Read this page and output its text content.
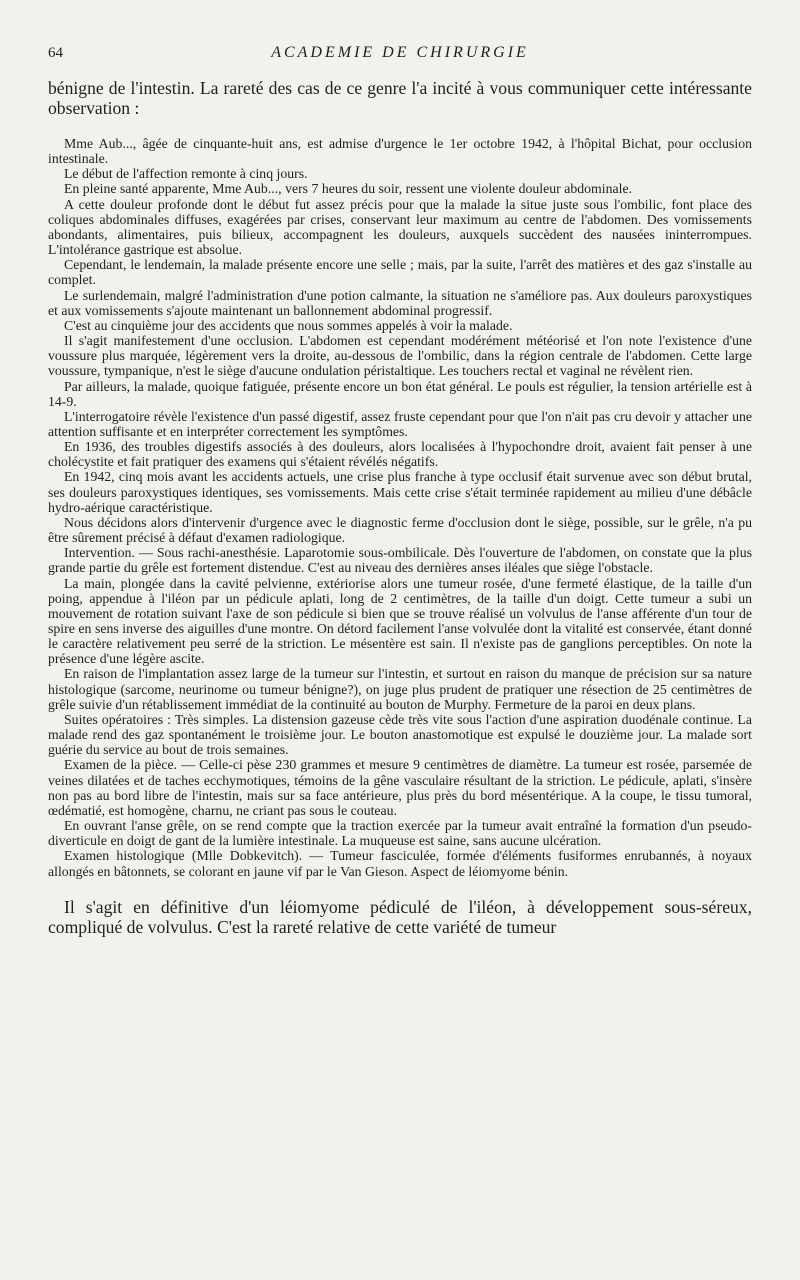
64	ACADEMIE DE CHIRURGIE

bénigne de l'intestin. La rareté des cas de ce genre l'a incité à vous communiquer cette intéressante observation :

Mme Aub..., âgée de cinquante-huit ans, est admise d'urgence le 1er octobre 1942, à l'hôpital Bichat, pour occlusion intestinale.

Le début de l'affection remonte à cinq jours.

En pleine santé apparente, Mme Aub..., vers 7 heures du soir, ressent une violente douleur abdominale.

A cette douleur profonde dont le début fut assez précis pour que la malade la situe juste sous l'ombilic, font place des coliques abdominales diffuses, exagérées par crises, conservant leur maximum au centre de l'abdomen. Des vomissements abondants, alimentaires, puis bilieux, accompagnent les douleurs, auxquels succèdent des nausées ininterrompues. L'intolérance gastrique est absolue.

Cependant, le lendemain, la malade présente encore une selle ; mais, par la suite, l'arrêt des matières et des gaz s'installe au complet.

Le surlendemain, malgré l'administration d'une potion calmante, la situation ne s'améliore pas. Aux douleurs paroxystiques et aux vomissements s'ajoute maintenant un ballonnement abdominal progressif.

C'est au cinquième jour des accidents que nous sommes appelés à voir la malade.

Il s'agit manifestement d'une occlusion. L'abdomen est cependant modérément météorisé et l'on note l'existence d'une voussure plus marquée, légèrement vers la droite, au-dessous de l'ombilic, dans la région centrale de l'abdomen. Cette large voussure, tympanique, n'est le siège d'aucune ondulation péristaltique. Les touchers rectal et vaginal ne révèlent rien.

Par ailleurs, la malade, quoique fatiguée, présente encore un bon état général. Le pouls est régulier, la tension artérielle est à 14-9.

L'interrogatoire révèle l'existence d'un passé digestif, assez fruste cependant pour que l'on n'ait pas cru devoir y attacher une attention suffisante et en interpréter correctement les symptômes.

En 1936, des troubles digestifs associés à des douleurs, alors localisées à l'hypochondre droit, avaient fait penser à une cholécystite et fait pratiquer des examens qui s'étaient révélés négatifs.

En 1942, cinq mois avant les accidents actuels, une crise plus franche à type occlusif était survenue avec son début brutal, ses douleurs paroxystiques identiques, ses vomissements. Mais cette crise s'était terminée rapidement au milieu d'une débâcle hydro-aérique caractéristique.

Nous décidons alors d'intervenir d'urgence avec le diagnostic ferme d'occlusion dont le siège, possible, sur le grêle, n'a pu être sûrement précisé à défaut d'examen radiologique.

Intervention. — Sous rachi-anesthésie. Laparotomie sous-ombilicale. Dès l'ouverture de l'abdomen, on constate que la plus grande partie du grêle est fortement distendue. C'est au niveau des dernières anses iléales que siège l'obstacle.

La main, plongée dans la cavité pelvienne, extériorise alors une tumeur rosée, d'une fermeté élastique, de la taille d'un poing, appendue à l'iléon par un pédicule aplati, long de 2 centimètres, de la taille d'un doigt. Cette tumeur a subi un mouvement de rotation suivant l'axe de son pédicule si bien que se trouve réalisé un volvulus de l'anse afférente d'un tour de spire en sens inverse des aiguilles d'une montre. On détord facilement l'anse volvulée dont la vitalité est conservée, étant donné le caractère relativement peu serré de la striction. Le mésentère est sain. Il n'existe pas de ganglions perceptibles. On note la présence d'une légère ascite.

En raison de l'implantation assez large de la tumeur sur l'intestin, et surtout en raison du manque de précision sur sa nature histologique (sarcome, neurinome ou tumeur bénigne?), on juge plus prudent de pratiquer une résection de 25 centimètres de grêle suivie d'un rétablissement immédiat de la continuité au bouton de Murphy. Fermeture de la paroi en deux plans.

Suites opératoires : Très simples. La distension gazeuse cède très vite sous l'action d'une aspiration duodénale continue. La malade rend des gaz spontanément le troisième jour. Le bouton anastomotique est expulsé le douzième jour. La malade sort guérie du service au bout de trois semaines.

Examen de la pièce. — Celle-ci pèse 230 grammes et mesure 9 centimètres de diamètre. La tumeur est rosée, parsemée de veines dilatées et de taches ecchymotiques, témoins de la gêne vasculaire résultant de la striction. Le pédicule, aplati, s'insère non pas au bord libre de l'intestin, mais sur sa face antérieure, plus près du bord mésentérique. A la coupe, le tissu tumoral, œdématié, est homogène, charnu, ne criant pas sous le couteau.

En ouvrant l'anse grêle, on se rend compte que la traction exercée par la tumeur avait entraîné la formation d'un pseudo-diverticule en doigt de gant de la lumière intestinale. La muqueuse est saine, sans aucune ulcération.

Examen histologique (Mlle Dobkevitch). — Tumeur fasciculée, formée d'éléments fusiformes enrubannés, à noyaux allongés en bâtonnets, se colorant en jaune vif par le Van Gieson. Aspect de léiomyome bénin.

Il s'agit en définitive d'un léiomyome pédiculé de l'iléon, à développement sous-séreux, compliqué de volvulus. C'est la rareté relative de cette variété de tumeur
